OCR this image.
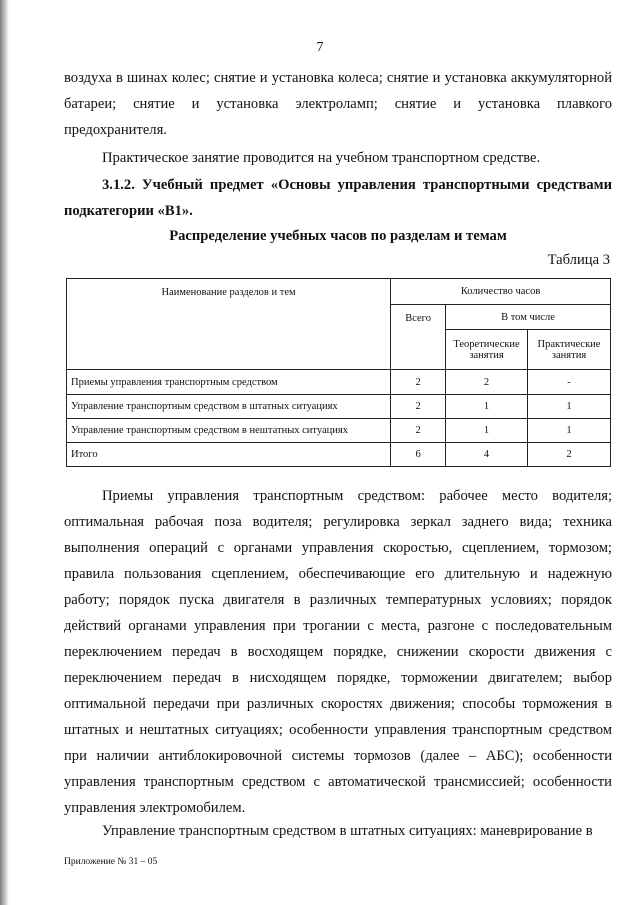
7

воздуха в шинах колес; снятие и установка колеса; снятие и установка аккумуляторной батареи; снятие и установка электроламп; снятие и установка плавкого предохранителя.

Практическое занятие проводится на учебном транспортном средстве.

3.1.2. Учебный предмет «Основы управления транспортными средствами подкатегории «В1».

Распределение учебных часов по разделам и темам
Таблица 3
Наименование разделов и тем	Количество часов		
	Всего	В том числе	
		Теоретические занятия	Практические занятия
Приемы управления транспортным средством	2	2	-
Управление транспортным средством в штатных ситуациях	2	1	1
Управление транспортным средством в нештатных ситуациях	2	1	1
Итого	6	4	2

Приемы управления транспортным средством: рабочее место водителя; оптимальная рабочая поза водителя; регулировка зеркал заднего вида; техника выполнения операций с органами управления скоростью, сцеплением, тормозом; правила пользования сцеплением, обеспечивающие его длительную и надежную работу; порядок пуска двигателя в различных температурных условиях; порядок действий органами управления при трогании с места, разгоне с последовательным переключением передач в восходящем порядке, снижении скорости движения с переключением передач в нисходящем порядке, торможении двигателем; выбор оптимальной передачи при различных скоростях движения; способы торможения в штатных и нештатных ситуациях; особенности управления транспортным средством при наличии антиблокировочной системы тормозов (далее – АБС); особенности управления транспортным средством с автоматической трансмиссией; особенности управления электромобилем.

Управление транспортным средством в штатных ситуациях: маневрирование в

Приложение № 31 – 05
